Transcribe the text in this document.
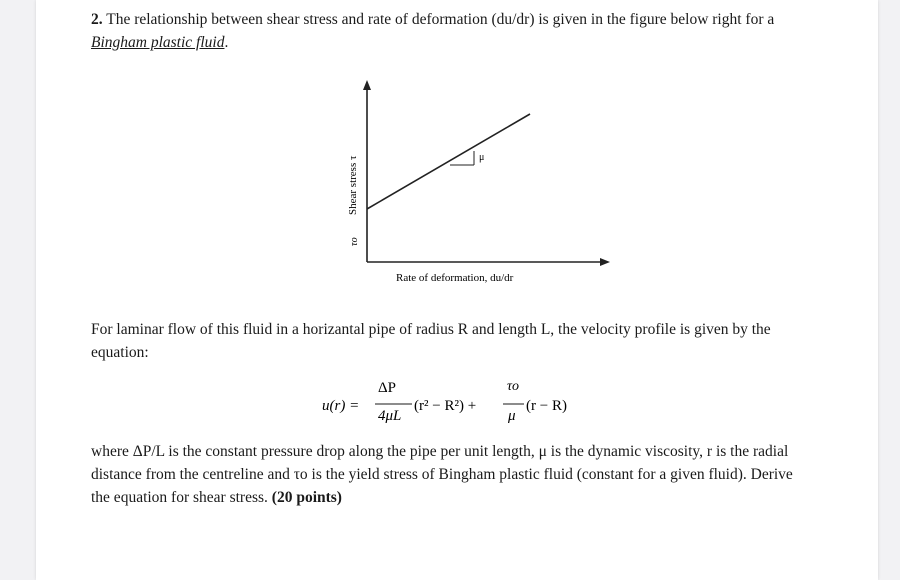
2. The relationship between shear stress and rate of deformation (du/dr) is given in the figure below right for a Bingham plastic fluid.

μ
Shear stress τ
τo
Rate of deformation, du/dr
u(r) =
ΔP
4μL
(r² − R²) +
τo
μ
(r − R)

For laminar flow of this fluid in a horizantal pipe of radius R and length L, the velocity profile is given by the equation:

where ΔP/L is the constant pressure drop along the pipe per unit length, μ is the dynamic viscosity, r is the radial distance from the centreline and τo is the yield stress of Bingham plastic fluid (constant for a given fluid). Derive the equation for shear stress. (20 points)
